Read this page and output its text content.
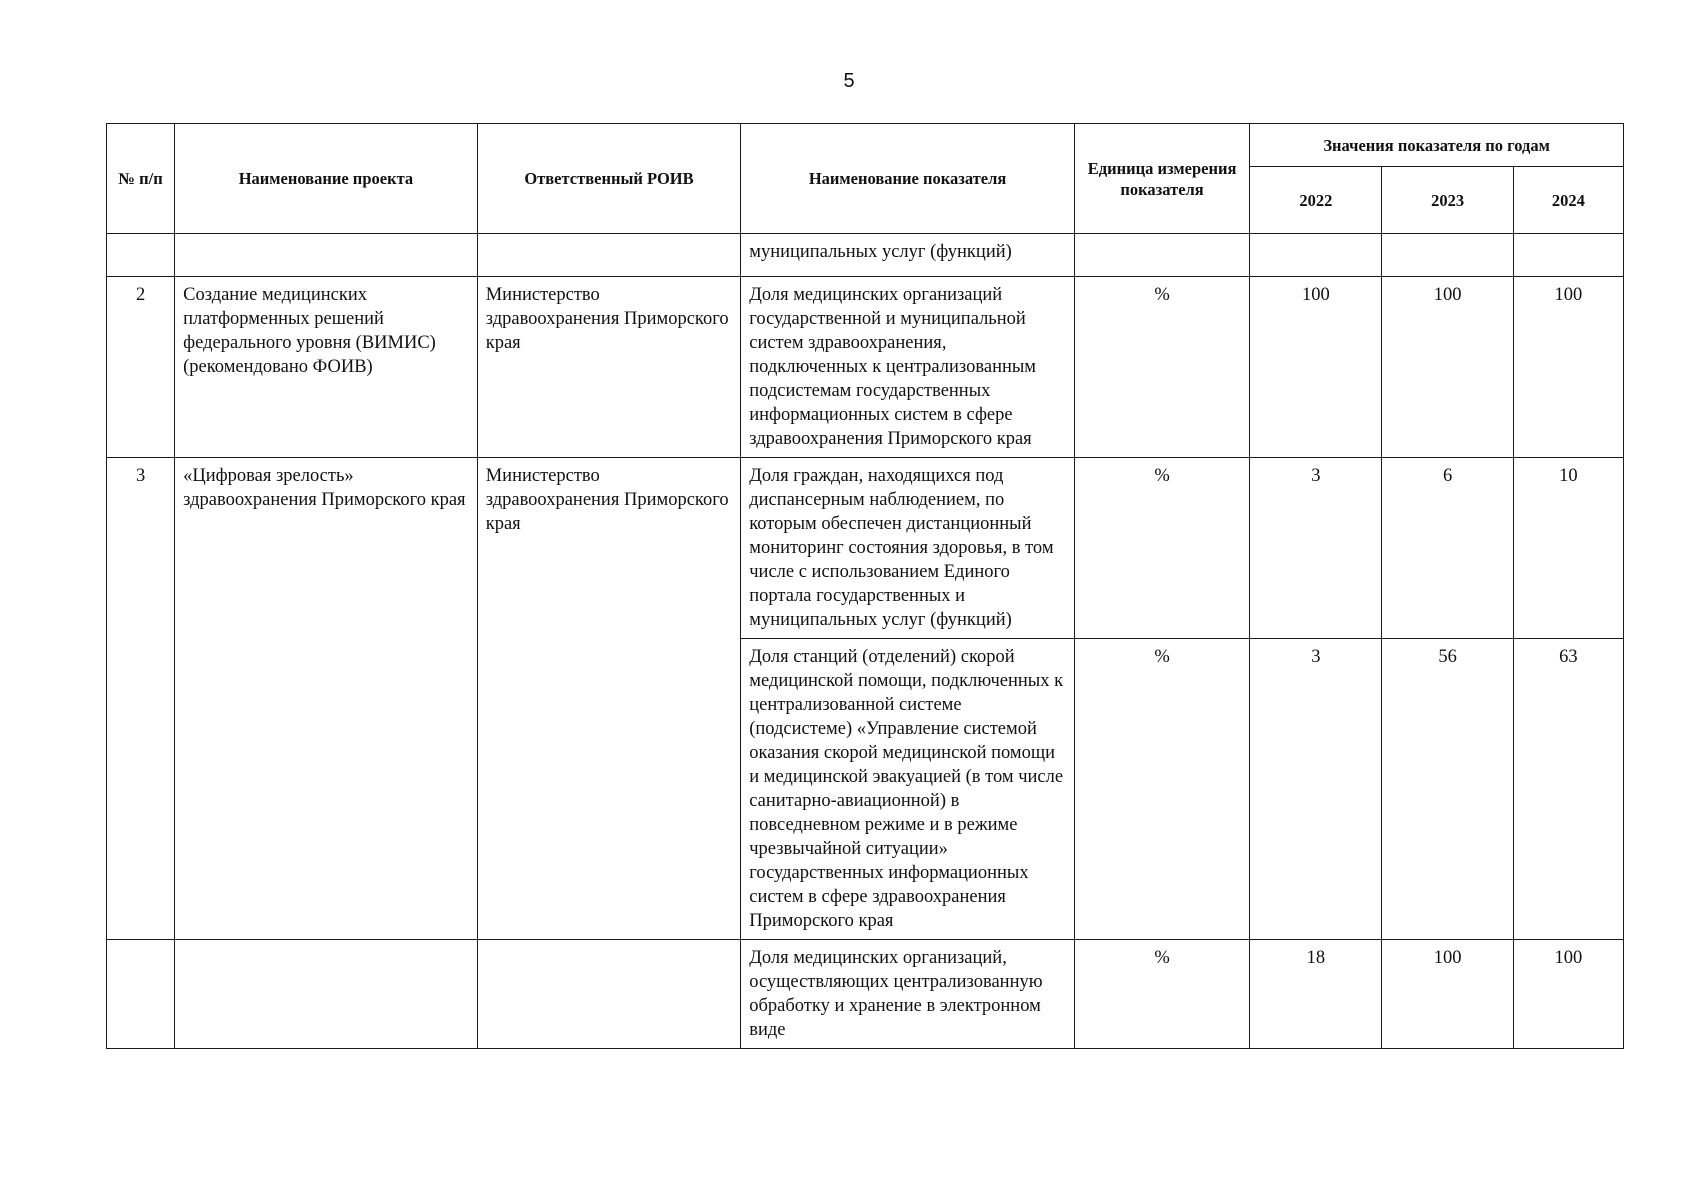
5
№ п/п	Наименование проекта	Ответственный РОИВ	Наименование показателя	Единица измерения показателя	Значения показателя по годам		
					2022	2023	2024
			муниципальных услуг (функций)				
2	Создание медицинских платформенных решений федерального уровня (ВИМИС) (рекомендовано ФОИВ)	Министерство здравоохранения Приморского края	Доля медицинских организаций государственной и муниципальной систем здравоохранения, подключенных к централизованным подсистемам государственных информационных систем в сфере здравоохранения Приморского края	%	100	100	100
3	«Цифровая зрелость» здравоохранения Приморского края	Министерство здравоохранения Приморского края	Доля граждан, находящихся под диспансерным наблюдением, по которым обеспечен дистанционный мониторинг состояния здоровья, в том числе с использованием Единого портала государственных и муниципальных услуг (функций)	%	3	6	10
			Доля станций (отделений) скорой медицинской помощи, подключенных к централизованной системе (подсистеме) «Управление системой оказания скорой медицинской помощи и медицинской эвакуацией (в том числе санитарно-авиационной) в повседневном режиме и в режиме чрезвычайной ситуации» государственных информационных систем в сфере здравоохранения Приморского края	%	3	56	63
			Доля медицинских организаций, осуществляющих централизованную обработку и хранение в электронном виде	%	18	100	100
